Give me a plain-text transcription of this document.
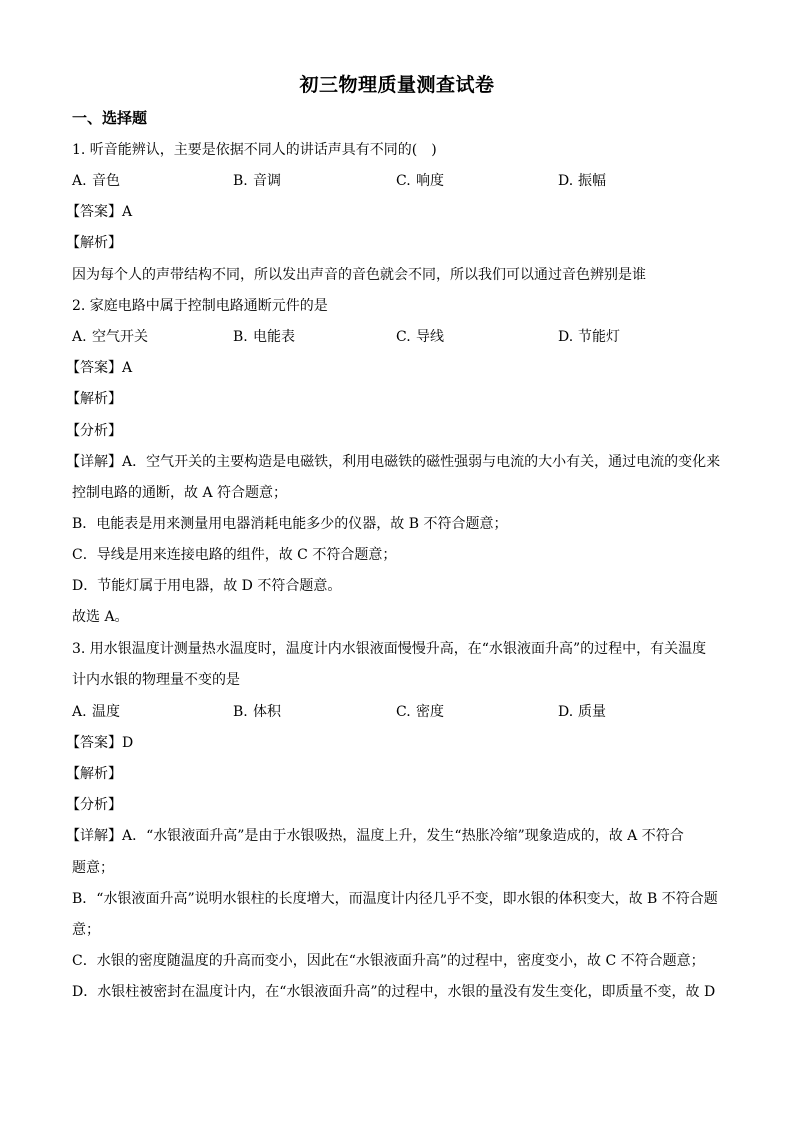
初三物理质量测查试卷
一、选择题
1. 听音能辨认，主要是依据不同人的讲话声具有不同的(　)
A. 音色	B. 音调	C. 响度	D. 振幅
【答案】A
【解析】
因为每个人的声带结构不同，所以发出声音的音色就会不同，所以我们可以通过音色辨别是谁
2. 家庭电路中属于控制电路通断元件的是
A. 空气开关	B. 电能表	C. 导线	D. 节能灯
【答案】A
【解析】
【分析】
【详解】A．空气开关的主要构造是电磁铁，利用电磁铁的磁性强弱与电流的大小有关，通过电流的变化来
控制电路的通断，故 A 符合题意；
B．电能表是用来测量用电器消耗电能多少的仪器，故 B 不符合题意；
C．导线是用来连接电路的组件，故 C 不符合题意；
D．节能灯属于用电器，故 D 不符合题意。
故选 A。
3. 用水银温度计测量热水温度时，温度计内水银液面慢慢升高，在“水银液面升高”的过程中，有关温度
计内水银的物理量不变的是
A. 温度	B. 体积	C. 密度	D. 质量
【答案】D
【解析】
【分析】
【详解】A．“水银液面升高”是由于水银吸热，温度上升，发生“热胀冷缩”现象造成的，故 A 不符合
题意；
B．“水银液面升高”说明水银柱的长度增大，而温度计内径几乎不变，即水银的体积变大，故 B 不符合题
意；
C．水银的密度随温度的升高而变小，因此在“水银液面升高”的过程中，密度变小，故 C 不符合题意；
D．水银柱被密封在温度计内，在“水银液面升高”的过程中，水银的量没有发生变化，即质量不变，故 D
